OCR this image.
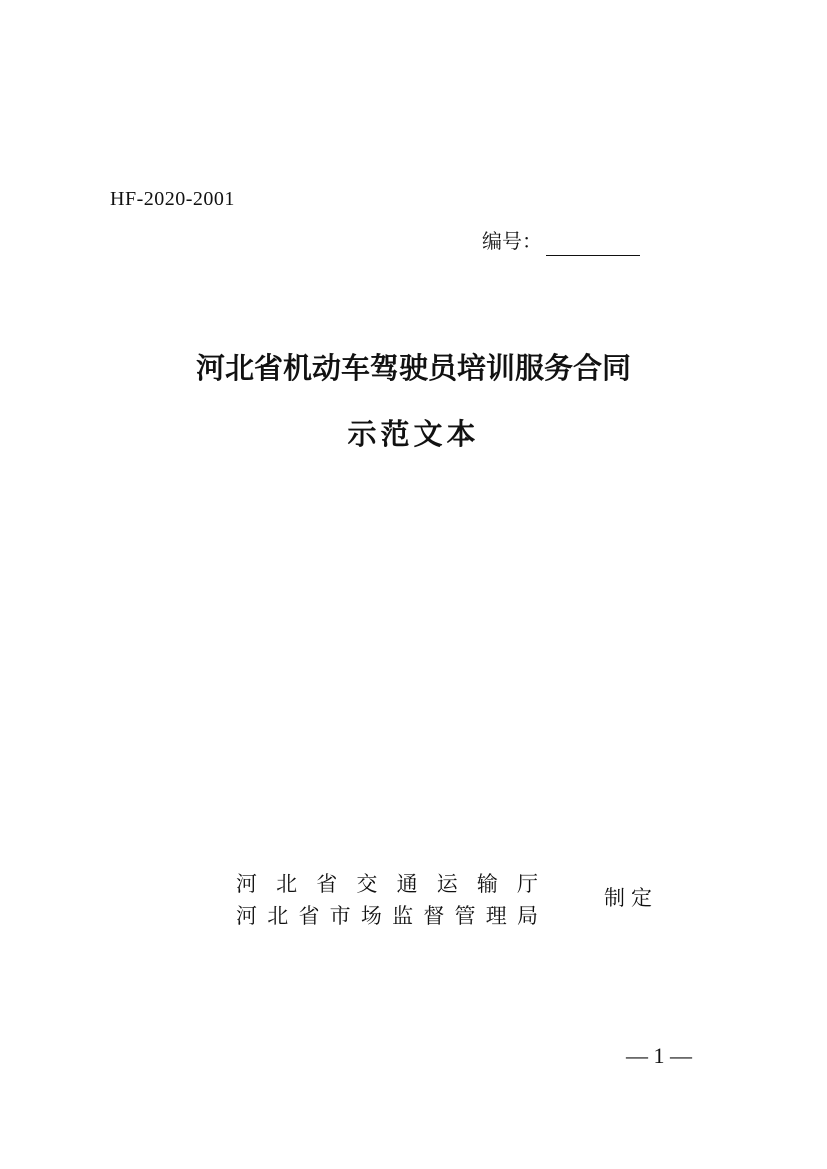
HF-2020-2001
编号：
河北省机动车驾驶员培训服务合同
示范文本
河 北 省 交 通 运 输 厅
河 北 省 市 场 监 督 管 理 局
制定
— 1 —
